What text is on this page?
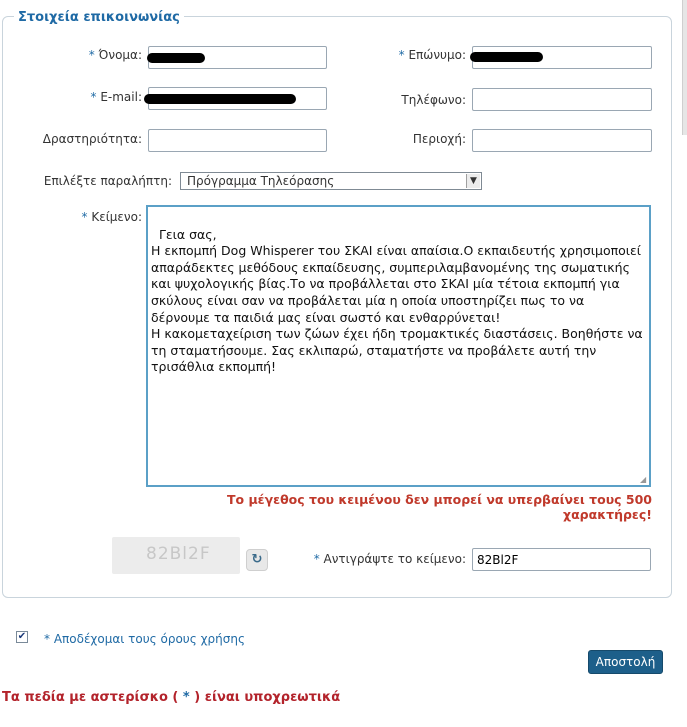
Στοιχεία επικοινωνίας
* Όνομα:	* Επώνυμο:
* E-mail:	Τηλέφωνο:
Δραστηριότητα:	Περιοχή:
Επιλέξτε παραλήπτη: Πρόγραμμα Τηλεόρασης	▼
* Κείμενο:

Γεια σας,
Η εκπομπή Dog Whisperer του ΣΚΑΙ είναι απαίσια.Ο εκπαιδευτής χρησιμοποιεί απαράδεκτες μεθόδους εκπαίδευσης, συμπεριλαμβανομένης της σωματικής και ψυχολογικής βίας.Το να προβάλλεται στο ΣΚΑΙ μία τέτοια εκπομπή για σκύλους είναι σαν να προβάλεται μία η οποία υποστηρίζει πως το να δέρνουμε τα παιδιά μας είναι σωστό και ενθαρρύνεται!
Η κακομεταχείριση των ζώων έχει ήδη τρομακτικές διαστάσεις. Βοηθήστε να τη σταματήσουμε. Σας εκλιπαρώ, σταματήστε να προβάλετε αυτή την τρισάθλια εκπομπή!

◢

Το μέγεθος του κειμένου δεν μπορεί να υπερβαίνει τους 500 χαρακτήρες!
82Bl2F	↻	* Αντιγράψτε το κείμενο:
82Bl2F
✔ * Αποδέχομαι τους όρους χρήσης
Αποστολή
Τα πεδία με αστερίσκο ( * ) είναι υποχρεωτικά
